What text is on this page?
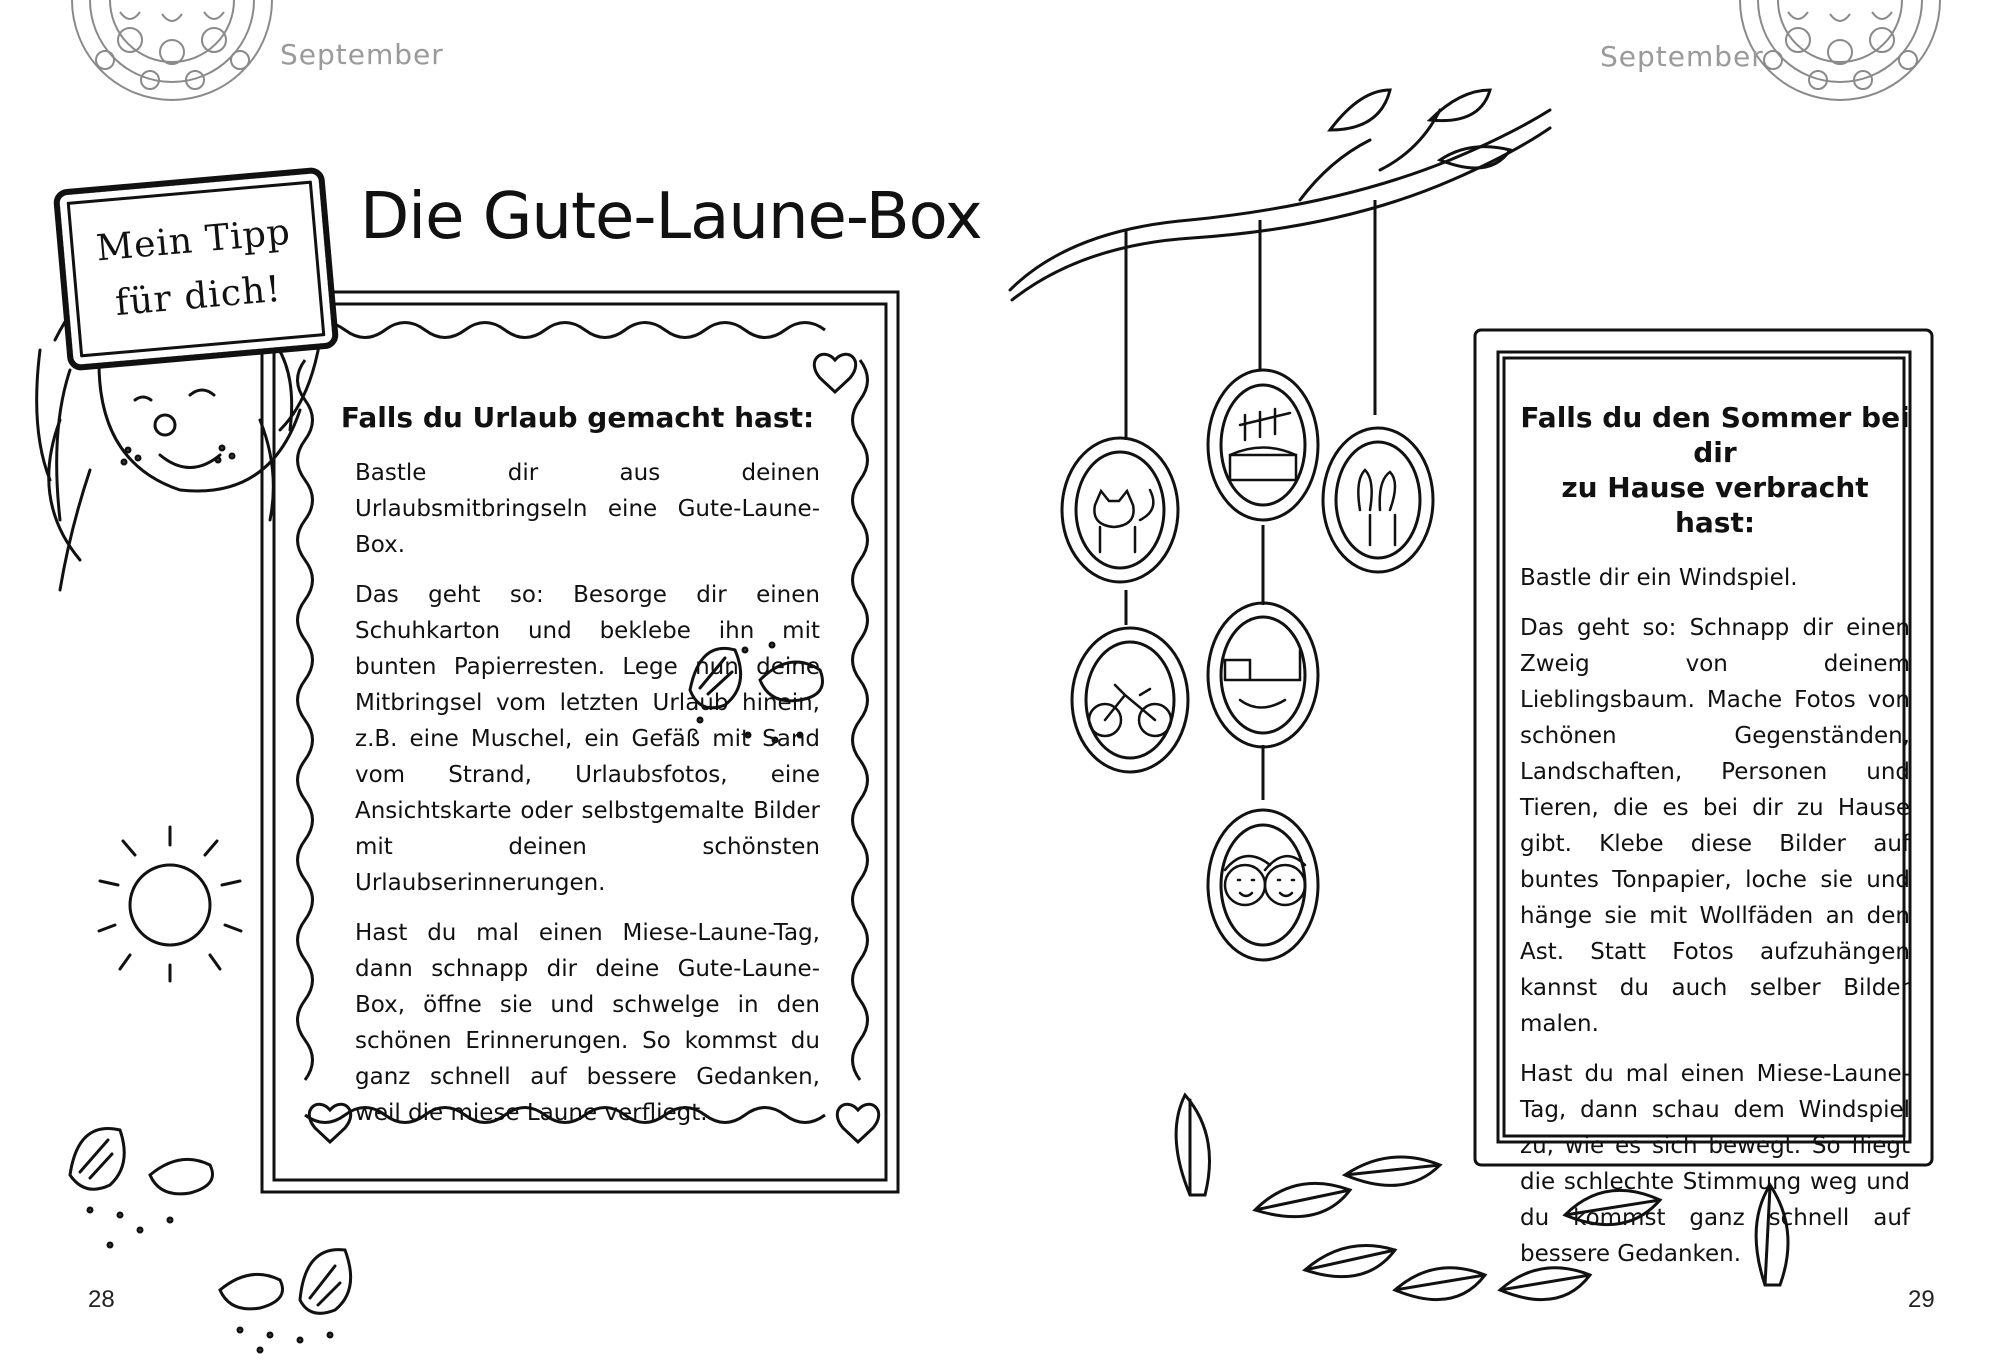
September
Mein Tipp
für dich!
Die Gute-Laune-Box
Falls du Urlaub gemacht hast:

Bastle dir aus deinen Urlaubsmitbringseln eine Gute-Laune-Box.

Das geht so: Besorge dir einen Schuhkarton und beklebe ihn mit bunten Papierresten. Lege nun deine Mitbringsel vom letzten Urlaub hinein, z.B. eine Muschel, ein Gefäß mit Sand vom Strand, Urlaubsfotos, eine Ansichtskarte oder selbstgemalte Bilder mit deinen schönsten Urlaubserinnerungen.

Hast du mal einen Miese-Laune-Tag, dann schnapp dir deine Gute-Laune-Box, öffne sie und schwelge in den schönen Erinnerungen. So kommst du ganz schnell auf bessere Gedanken, weil die miese Laune verfliegt.

28
September
Falls du den Sommer bei dir
zu Hause verbracht hast:

Bastle dir ein Windspiel.

Das geht so: Schnapp dir einen Zweig von deinem Lieblingsbaum. Mache Fotos von schönen Gegenständen, Landschaften, Personen und Tieren, die es bei dir zu Hause gibt. Klebe diese Bilder auf buntes Tonpapier, loche sie und hänge sie mit Wollfäden an den Ast. Statt Fotos aufzuhängen kannst du auch selber Bilder malen.

Hast du mal einen Miese-Laune-Tag, dann schau dem Windspiel zu, wie es sich bewegt. So fliegt die schlechte Stimmung weg und du kommst ganz schnell auf bessere Gedanken.

29
